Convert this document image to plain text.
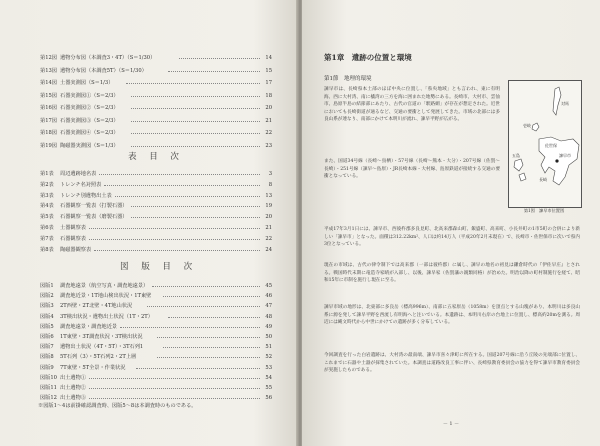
第12図 遺物分布図（本調査3・4T）（S＝1/30）	14
第13図 遺物分布図（本調査5T）（S＝1/30）	15
第14図 土器実測図（S＝1/3）	17
第15図 石器実測図①（S＝2/3）	18
第16図 石器実測図②（S＝2/3）	20
第17図 石器実測図③（S＝2/3）	21
第18図 石器実測図④（S＝2/3）	22
第19図 陶磁器実測図（S＝1/3）	23
表 目 次
第1表 周辺遺跡地名表	3
第2表 トレンチ名対照表	8
第3表 トレンチ別遺物出土表	13
第4表 石器観察一覧表（打製石器）	19
第5表 石器観察一覧表（磨製石器）	20
第6表 土器観察表	21
第7表 石器観察表	22
第8表 陶磁器観察表	24
図 版 目 次
図版1 調査地遠景（航空写真・調査地遠景）	45
図版2 調査地近景・1T地山検出状況・1T東壁	46
図版3 2T西壁・2T北壁・4T地山状況	47
図版4 3T検出状況・遺物出土状況（1T・2T）	48
図版5 調査地遠景・調査地近景	49
図版6 1T東壁・3T調査状況・3T検出状況	50
図版7 遺物出土状況（4T・5T）・3T石列1	51
図版8 5T石列（3）・5T石列2・2T上層	52
図版9 7T東壁・5T全景・作業状況	53
図版10 出土遺物①	54
図版11 出土遺物②	55
図版12 出土遺物③	56
※図版1〜4は前掛確認調査時、図版5〜8は本調査時のものである。
第1章　遺跡の位置と環境
第1節　地理的環境
諫早市は、長崎県本土部のほぼ中央に位置し、「県央地域」とも言われ、東に有明海、西に大村湾、南に橘湾の三方を海に囲まれた地勢にある。長崎市、大村市、雲仙市、島原半島の結節部にあたり、古代の官道の「駅路網」が存在が想定された。近世においても長崎街道が通るなど、交通の要衝として発展してきた。市域の北部には多良山系が連なり、南部にかけて本明川が流れ、諫早平野が広がる。
また、国道34号線（長崎〜鳥栖）・57号線（長崎〜熊本・大分）・207号線（佐賀〜長崎）・251号線（諫早〜島原）・JR長崎本線・大村線、島原鉄道が接続する交通の要衝となっている。
対馬
壱岐
佐世保
諫早市
五島
長崎
第1図　諫早市位置図
平成17年3月1日には、諫早市、西彼杵郡多良見町、北高来郡森山町、飯盛町、高来町、小長井町の1市5町の合併により新しい「諫早市」となった。面積は312.22km²、人口は約14万人（平成20年2月末現在）で、長崎市・佐世保市に次いで県内3位となっている。
現在の市域は、古代の律令制下では高来郡（一部は彼杵郡）に属し、諫早の地名の初見は鎌倉時代の『伊佐早庄』とされる。戦国時代末期に竜造寺家晴が入部し、以後、諫早家（佐賀藩の親類同格）が治めた。明治以降の町村制施行を経て、昭和15年に市制を施行し現在に至る。
諫早市域の地形は、北東部に多良岳（標高996m）、南部に五家原岳（1058m）を頂点とする山塊があり、本明川は多良山系に源を発して諫早平野を西流し有明海へと注いでいる。本遺跡は、本明川右岸の台地上に位置し、標高約20mを測る。周辺には縄文時代から中世にかけての遺跡が多く分布している。
今回調査を行った白岩遺跡は、大村湾の最南端、諫早市喜々津町に所在する。国道207号線に沿う丘陵の先端部に位置し、これまでに石器や土器が採集されていた。本調査は道路改良工事に伴い、長崎県教育委員会の協力を得て諫早市教育委員会が実施したものである。
－ 1 －
